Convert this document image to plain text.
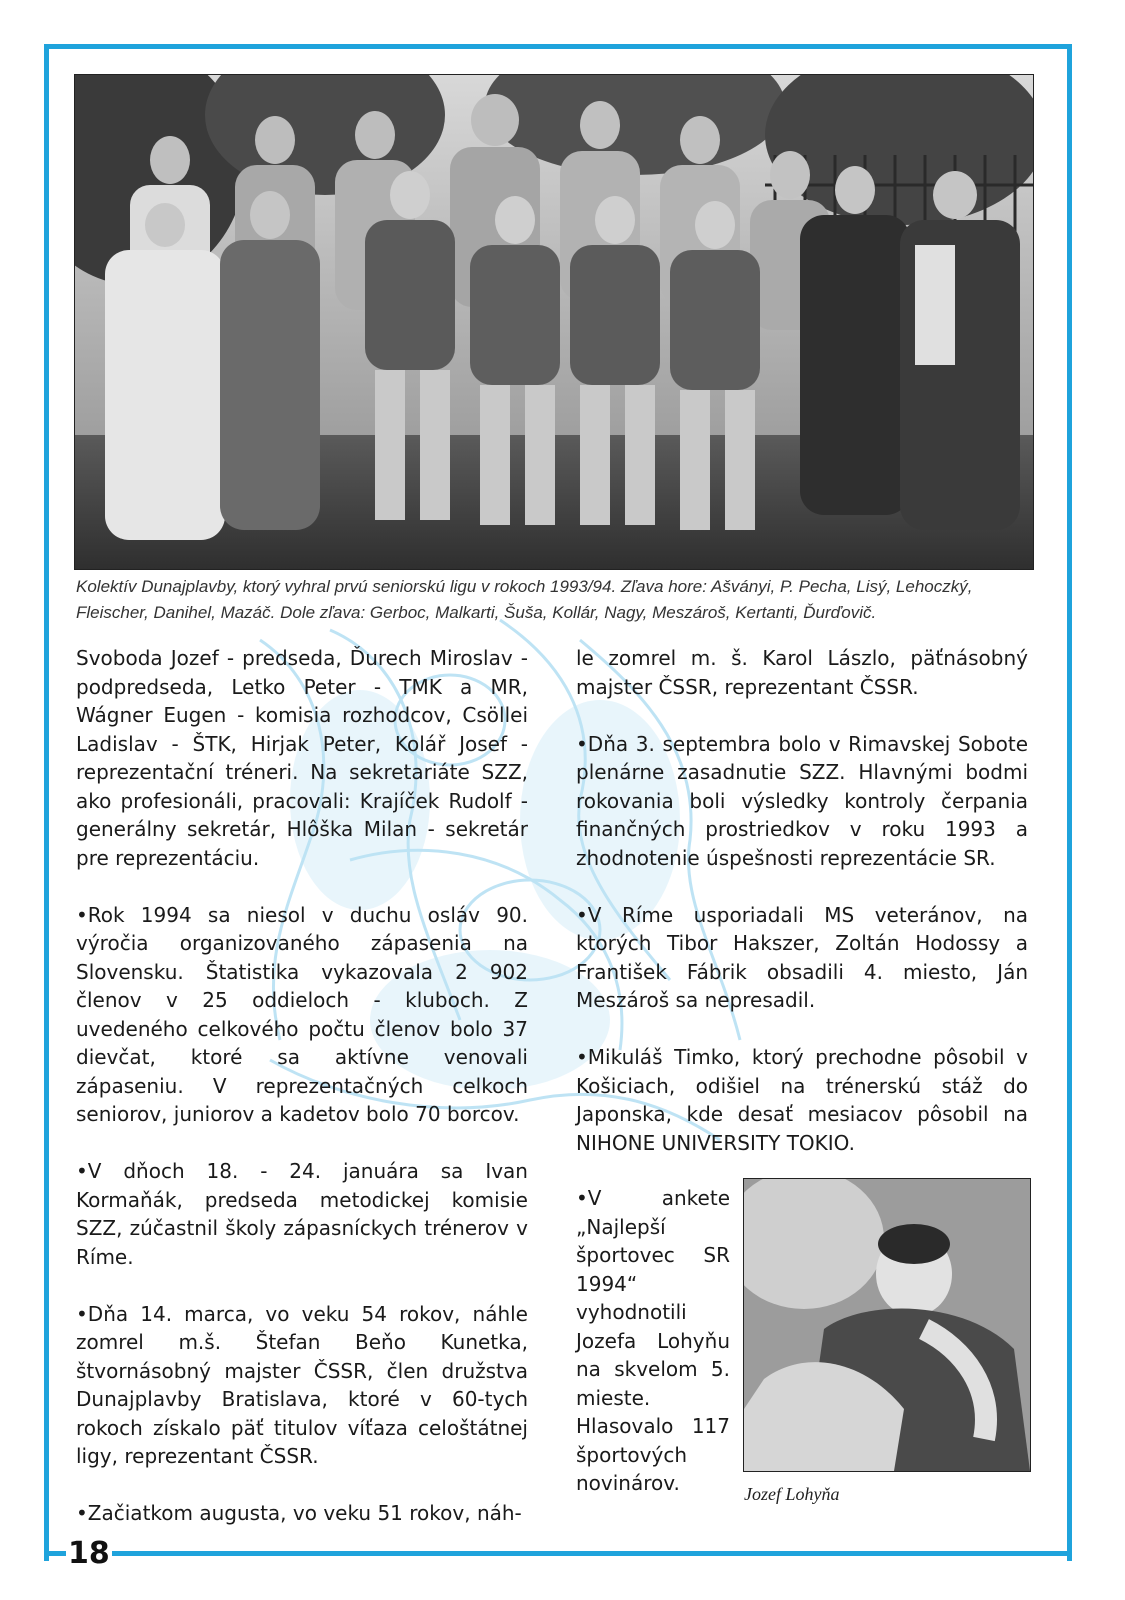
18
Kolektív Dunajplavby, ktorý vyhral prvú seniorskú ligu v rokoch 1993/94. Zľava hore: Ašványi, P. Pecha, Lisý, Lehoczký, Fleischer, Danihel, Mazáč. Dole zľava: Gerboc, Malkarti, Šuša, Kollár, Nagy, Meszároš, Kertanti, Ďurďovič.

Svoboda Jozef - predseda, Ďurech Miroslav - podpredseda, Letko Peter - TMK a MR, Wágner Eugen - komisia rozhodcov, Csöllei Ladislav - ŠTK, Hirjak Peter, Kolář Josef - reprezentační tréneri. Na sekretariáte SZZ, ako profesionáli, pracovali: Krajíček Rudolf - generálny sekretár, Hlôška Milan - sekretár pre reprezentáciu.

• Rok 1994 sa niesol v duchu osláv 90. výročia organizovaného zápasenia na Slovensku. Štatistika vykazovala 2 902 členov v 25 oddieloch - kluboch. Z uvedeného celkového počtu členov bolo 37 dievčat, ktoré sa aktívne venovali zápaseniu. V reprezentačných celkoch seniorov, juniorov a kadetov bolo 70 borcov.

• V dňoch 18. - 24. januára sa Ivan Kormaňák, predseda metodickej komisie SZZ, zúčastnil školy zápasníckych trénerov v Ríme.

• Dňa 14. marca, vo veku 54 rokov, náhle zomrel m.š. Štefan Beňo Kunetka, štvornásobný majster ČSSR, člen družstva Dunajplavby Bratislava, ktoré v 60-tych rokoch získalo päť titulov víťaza celoštátnej ligy, reprezentant ČSSR.

• Začiatkom augusta, vo veku 51 rokov, náh-

le zomrel m. š. Karol Lászlo, päťnásobný majster ČSSR, reprezentant ČSSR.

• Dňa 3. septembra bolo v Rimavskej Sobote plenárne zasadnutie SZZ. Hlavnými bodmi rokovania boli výsledky kontroly čerpania finančných prostriedkov v roku 1993 a zhodnotenie úspešnosti reprezentácie SR.

• V Ríme usporiadali MS veteránov, na ktorých Tibor Hakszer, Zoltán Hodossy a František Fábrik obsadili 4. miesto, Ján Meszároš sa nepresadil.

• Mikuláš Timko, ktorý prechodne pôsobil v Košiciach, odišiel na trénerskú stáž do Japonska, kde desať mesiacov pôsobil na NIHONE UNIVERSITY TOKIO.

• V ankete „Najlepší športovec SR 1994“ vyhodnotili Jozefa Lohyňu na skvelom 5. mieste. Hlasovalo 117 športových novinárov.	Jozef Lohyňa
